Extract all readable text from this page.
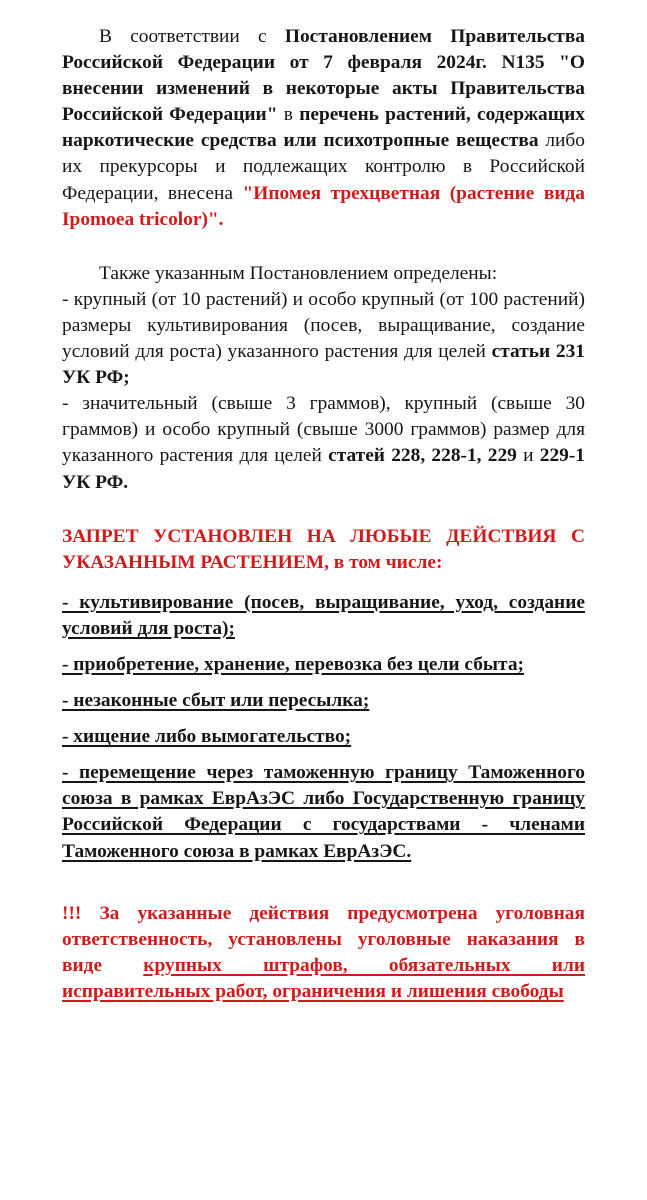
В соответствии с Постановлением Правительства Российской Федерации от 7 февраля 2024г. N135 "О внесении изменений в некоторые акты Правительства Российской Федерации" в перечень растений, содержащих наркотические средства или психотропные вещества либо их прекурсоры и подлежащих контролю в Российской Федерации, внесена "Ипомея трехцветная (растение вида Ipomoea tricolor)".

Также указанным Постановлением определены:

- крупный (от 10 растений) и особо крупный (от 100 растений) размеры культивирования (посев, выращивание, создание условий для роста) указанного растения для целей статьи 231 УК РФ;

- значительный (свыше 3 граммов), крупный (свыше 30 граммов) и особо крупный (свыше 3000 граммов) размер для указанного растения для целей статей 228, 228-1, 229 и 229-1 УК РФ.

ЗАПРЕТ УСТАНОВЛЕН НА ЛЮБЫЕ ДЕЙСТВИЯ С УКАЗАННЫМ РАСТЕНИЕМ, в том числе:

- культивирование (посев, выращивание, уход, создание условий для роста);

- приобретение, хранение, перевозка без цели сбыта;

- незаконные сбыт или пересылка;

- хищение либо вымогательство;

- перемещение через таможенную границу Таможенного союза в рамках ЕврАзЭС либо Государственную границу Российской Федерации с государствами - членами Таможенного союза в рамках ЕврАзЭС.

!!! За указанные действия предусмотрена уголовная ответственность, установлены уголовные наказания в виде крупных штрафов, обязательных или исправительных работ, ограничения и лишения свободы
